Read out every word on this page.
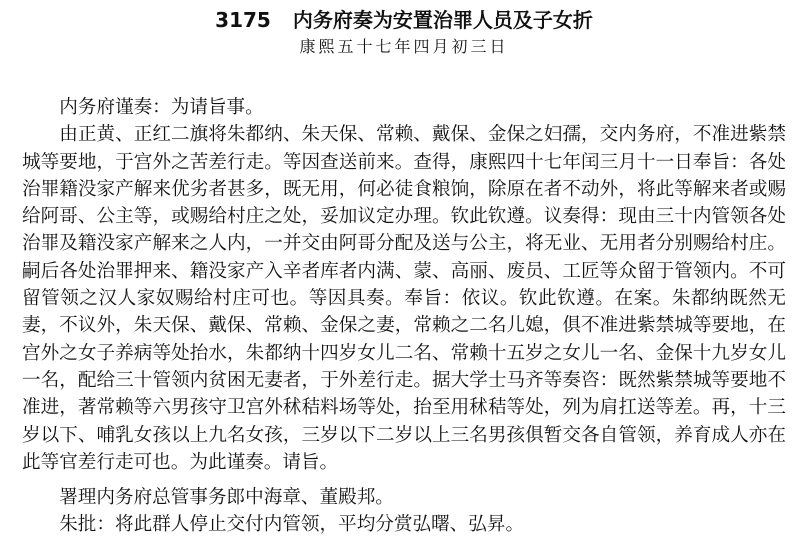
3175 内务府奏为安置治罪人员及子女折
康熙五十七年四月初三日

内务府谨奏：为请旨事。

由正黄、正红二旗将朱都纳、朱天保、常赖、戴保、金保之妇孺，交内务府，不准进紫禁城等要地，于宫外之苦差行走。等因查送前来。查得，康熙四十七年闰三月十一日奉旨：各处治罪籍没家产解来优劣者甚多，既无用，何必徒食粮饷，除原在者不动外，将此等解来者或赐给阿哥、公主等，或赐给村庄之处，妥加议定办理。钦此钦遵。议奏得：现由三十内管领各处治罪及籍没家产解来之人内，一并交由阿哥分配及送与公主，将无业、无用者分别赐给村庄。嗣后各处治罪押来、籍没家产入辛者库者内满、蒙、高丽、废员、工匠等众留于管领内。不可留管领之汉人家奴赐给村庄可也。等因具奏。奉旨：依议。钦此钦遵。在案。朱都纳既然无妻，不议外，朱天保、戴保、常赖、金保之妻，常赖之二名儿媳，俱不准进紫禁城等要地，在宫外之女子养病等处抬水，朱都纳十四岁女儿二名、常赖十五岁之女儿一名、金保十九岁女儿一名，配给三十管领内贫困无妻者，于外差行走。据大学士马齐等奏咨：既然紫禁城等要地不准进，著常赖等六男孩守卫宫外秫秸料场等处，抬至用秫秸等处，列为肩扛送等差。再，十三岁以下、哺乳女孩以上九名女孩，三岁以下二岁以上三名男孩俱暂交各自管领，养育成人亦在此等官差行走可也。为此谨奏。请旨。

署理内务府总管事务郎中海章、董殿邦。

朱批：将此群人停止交付内管领，平均分赏弘曙、弘昇。
